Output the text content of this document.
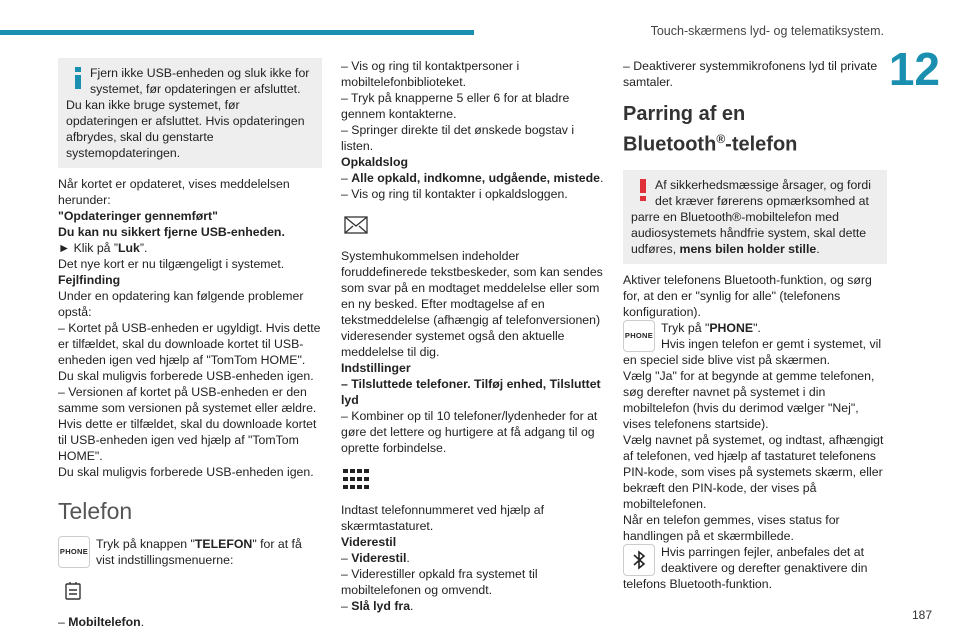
Touch-skærmens lyd- og telematiksystem.
12
187

Fjern ikke USB-enheden og sluk ikke for systemet, før opdateringen er afsluttet.

Du kan ikke bruge systemet, før opdateringen er afsluttet. Hvis opdateringen afbrydes, skal du genstarte systemopdateringen.

Når kortet er opdateret, vises meddelelsen herunder:

"Opdateringer gennemført"

Du kan nu sikkert fjerne USB-enheden.

► Klik på ”Luk”.

Det nye kort er nu tilgængeligt i systemet.

Fejlfinding

Under en opdatering kan følgende problemer opstå:

– Kortet på USB-enheden er ugyldigt. Hvis dette er tilfældet, skal du downloade kortet til USB-enheden igen ved hjælp af "TomTom HOME".

Du skal muligvis forberede USB-enheden igen.

– Versionen af kortet på USB-enheden er den samme som versionen på systemet eller ældre. Hvis dette er tilfældet, skal du downloade kortet til USB-enheden igen ved hjælp af "TomTom HOME".

Du skal muligvis forberede USB-enheden igen.

Telefon
PHONE

Tryk på knappen "TELEFON" for at få vist indstillingsmenuerne:

– Mobiltelefon.

– Vis og ring til kontaktpersoner i mobiltelefonbiblioteket.

– Tryk på knapperne 5 eller 6 for at bladre gennem kontakterne.

– Springer direkte til det ønskede bogstav i listen.

Opkaldslog

– Alle opkald, indkomne, udgående, mistede.

– Vis og ring til kontakter i opkaldsloggen.

Systemhukommelsen indeholder foruddefinerede tekstbeskeder, som kan sendes som svar på en modtaget meddelelse eller som en ny besked. Efter modtagelse af en tekstmeddelelse (afhængig af telefonversionen) videresender systemet også den aktuelle meddelelse til dig.

Indstillinger

– Tilsluttede telefoner. Tilføj enhed, Tilsluttet lyd

– Kombiner op til 10 telefoner/lydenheder for at gøre det lettere og hurtigere at få adgang til og oprette forbindelse.

Indtast telefonnummeret ved hjælp af skærmtastaturet.

Viderestil

– Viderestil.

– Viderestiller opkald fra systemet til mobiltelefonen og omvendt.

– Slå lyd fra.

– Deaktiverer systemmikrofonens lyd til private samtaler.

Parring af en
Bluetooth®-telefon

Af sikkerhedsmæssige årsager, og fordi det kræver førerens opmærksomhed at

parre en Bluetooth®-mobiltelefon med audiosystemets håndfrie system, skal dette udføres, mens bilen holder stille.

Aktiver telefonens Bluetooth-funktion, og sørg for, at den er "synlig for alle" (telefonens konfiguration).

PHONE

Tryk på "PHONE".

Hvis ingen telefon er gemt i systemet, vil

en speciel side blive vist på skærmen.

Vælg "Ja" for at begynde at gemme telefonen, søg derefter navnet på systemet i din mobiltelefon (hvis du derimod vælger "Nej", vises telefonens startside).

Vælg navnet på systemet, og indtast, afhængigt af telefonen, ved hjælp af tastaturet telefonens PIN-kode, som vises på systemets skærm, eller bekræft den PIN-kode, der vises på mobiltelefonen.

Når en telefon gemmes, vises status for handlingen på et skærmbillede.

Hvis parringen fejler, anbefales det at deaktivere og derefter genaktivere din

telefons Bluetooth-funktion.
